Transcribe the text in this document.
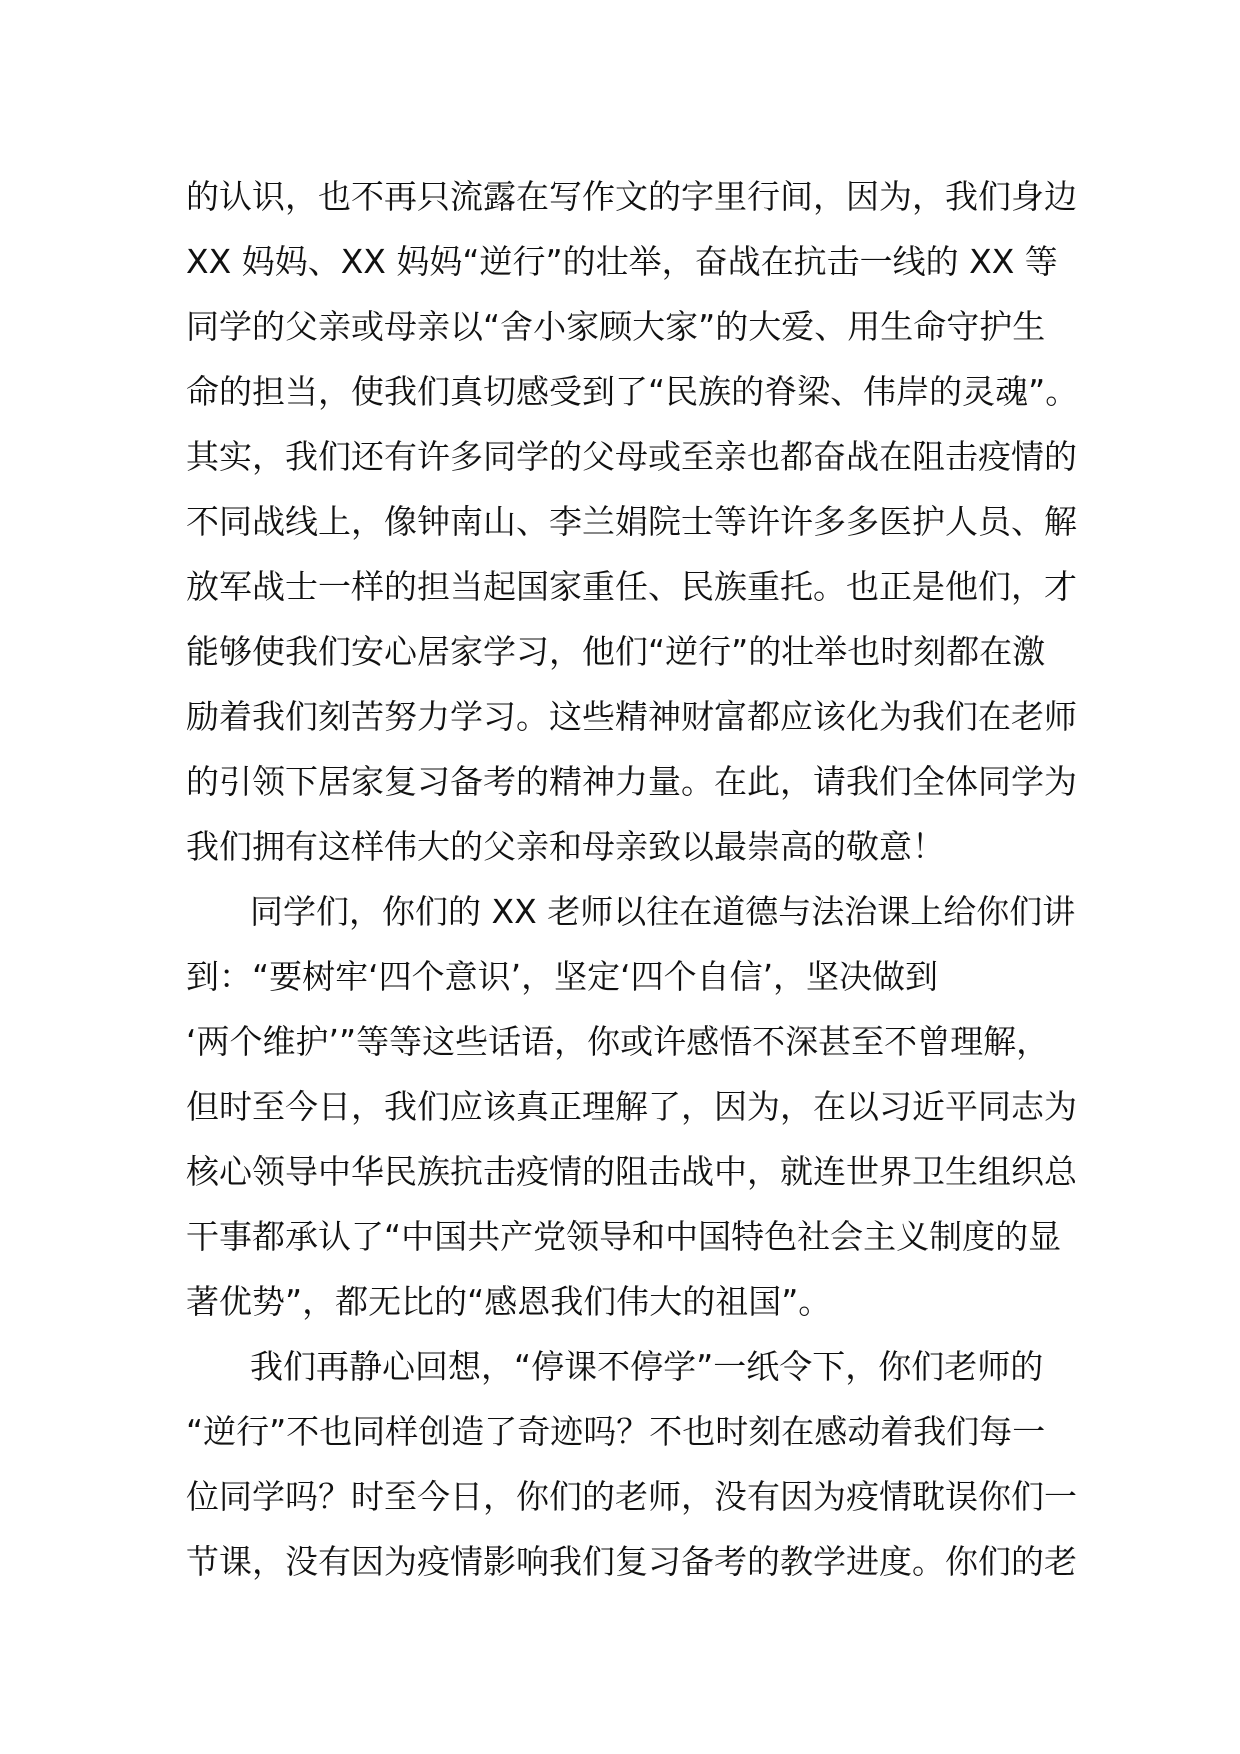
的认识，也不再只流露在写作文的字里行间，因为，我们身边
XX 妈妈、XX 妈妈“逆行”的壮举，奋战在抗击一线的 XX 等
同学的父亲或母亲以“舍小家顾大家”的大爱、用生命守护生
命的担当，使我们真切感受到了“民族的脊梁、伟岸的灵魂”。
其实，我们还有许多同学的父母或至亲也都奋战在阻击疫情的
不同战线上，像钟南山、李兰娟院士等许许多多医护人员、解
放军战士一样的担当起国家重任、民族重托。也正是他们，才
能够使我们安心居家学习，他们“逆行”的壮举也时刻都在激
励着我们刻苦努力学习。这些精神财富都应该化为我们在老师
的引领下居家复习备考的精神力量。在此，请我们全体同学为
我们拥有这样伟大的父亲和母亲致以最崇高的敬意！
同学们，你们的 XX 老师以往在道德与法治课上给你们讲
到：“要树牢‘四个意识’，坚定‘四个自信’，坚决做到
‘两个维护’”等等这些话语，你或许感悟不深甚至不曾理解，
但时至今日，我们应该真正理解了，因为，在以习近平同志为
核心领导中华民族抗击疫情的阻击战中，就连世界卫生组织总
干事都承认了“中国共产党领导和中国特色社会主义制度的显
著优势”，都无比的“感恩我们伟大的祖国”。
我们再静心回想，“停课不停学”一纸令下，你们老师的
“逆行”不也同样创造了奇迹吗？不也时刻在感动着我们每一
位同学吗？时至今日，你们的老师，没有因为疫情耽误你们一
节课，没有因为疫情影响我们复习备考的教学进度。你们的老
